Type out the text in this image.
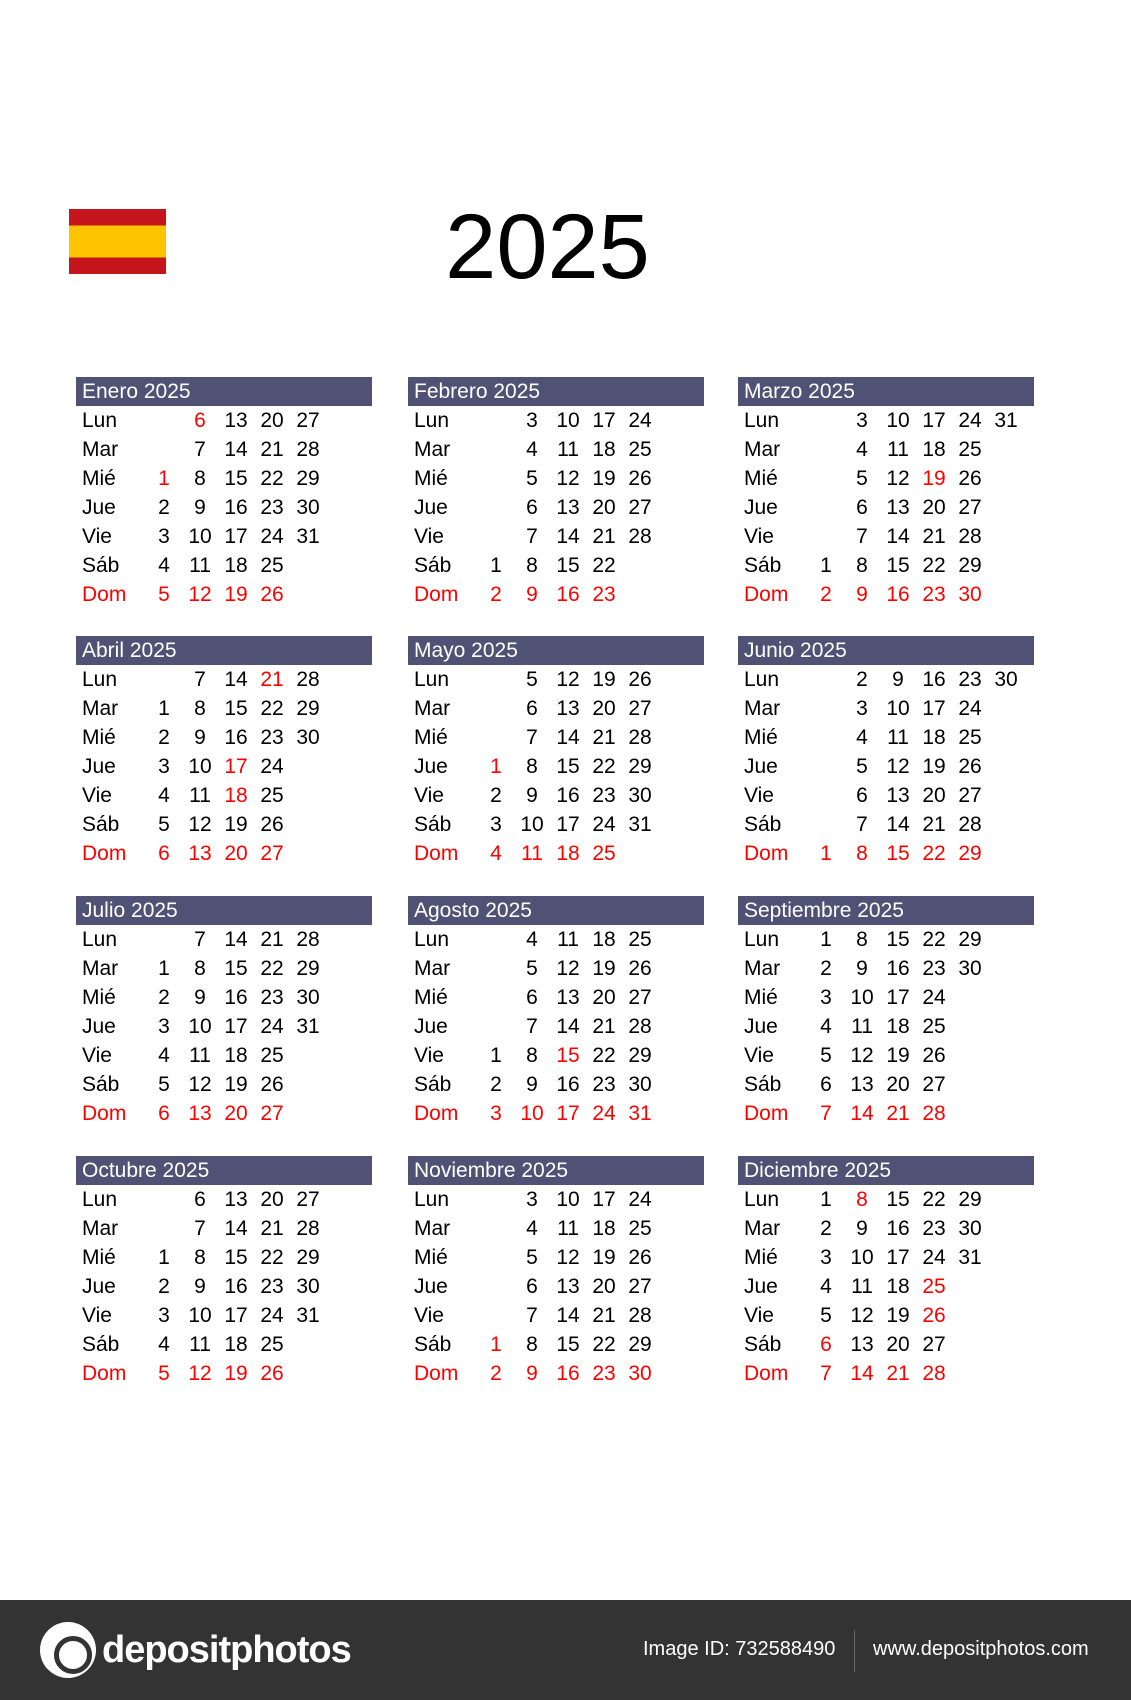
2025
Enero 2025
Lun	6 13 20 27
Mar	7 14 21 28
Mié	1	8 15 22 29
Jue	2	9 16 23 30
Vie	3 10 17 24 31
Sáb	4 11 18 25
Dom	5 12 19 26
Febrero 2025
Lun	3 10 17 24
Mar	4 11 18 25
Mié	5 12 19 26
Jue	6 13 20 27
Vie	7 14 21 28
Sáb	1	8 15 22
Dom	2	9 16 23
Marzo 2025
Lun	3 10 17 24 31
Mar	4 11 18 25
Mié	5 12 19 26
Jue	6 13 20 27
Vie	7 14 21 28
Sáb	1	8 15 22 29
Dom	2	9 16 23 30
Abril 2025
Lun	7 14 21 28
Mar	1	8 15 22 29
Mié	2	9 16 23 30
Jue	3 10 17 24
Vie	4 11 18 25
Sáb	5 12 19 26
Dom	6 13 20 27
Mayo 2025
Lun	5 12 19 26
Mar	6 13 20 27
Mié	7 14 21 28
Jue	1	8 15 22 29
Vie	2	9 16 23 30
Sáb	3 10 17 24 31
Dom	4 11 18 25
Junio 2025
Lun	2	9 16 23 30
Mar	3 10 17 24
Mié	4 11 18 25
Jue	5 12 19 26
Vie	6 13 20 27
Sáb	7 14 21 28
Dom	1	8 15 22 29
Julio 2025
Lun	7 14 21 28
Mar	1	8 15 22 29
Mié	2	9 16 23 30
Jue	3 10 17 24 31
Vie	4 11 18 25
Sáb	5 12 19 26
Dom	6 13 20 27
Agosto 2025
Lun	4 11 18 25
Mar	5 12 19 26
Mié	6 13 20 27
Jue	7 14 21 28
Vie	1	8 15 22 29
Sáb	2	9 16 23 30
Dom	3 10 17 24 31
Septiembre 2025
Lun	1	8 15 22 29
Mar	2	9 16 23 30
Mié	3 10 17 24
Jue	4 11 18 25
Vie	5 12 19 26
Sáb	6 13 20 27
Dom	7 14 21 28
Octubre 2025
Lun	6 13 20 27
Mar	7 14 21 28
Mié	1	8 15 22 29
Jue	2	9 16 23 30
Vie	3 10 17 24 31
Sáb	4 11 18 25
Dom	5 12 19 26
Noviembre 2025
Lun	3 10 17 24
Mar	4 11 18 25
Mié	5 12 19 26
Jue	6 13 20 27
Vie	7 14 21 28
Sáb	1	8 15 22 29
Dom	2	9 16 23 30
Diciembre 2025
Lun	1	8 15 22 29
Mar	2	9 16 23 30
Mié	3 10 17 24 31
Jue	4 11 18 25
Vie	5 12 19 26
Sáb	6 13 20 27
Dom	7 14 21 28
depositphotos	Image ID: 732588490 www.depositphotos.com
